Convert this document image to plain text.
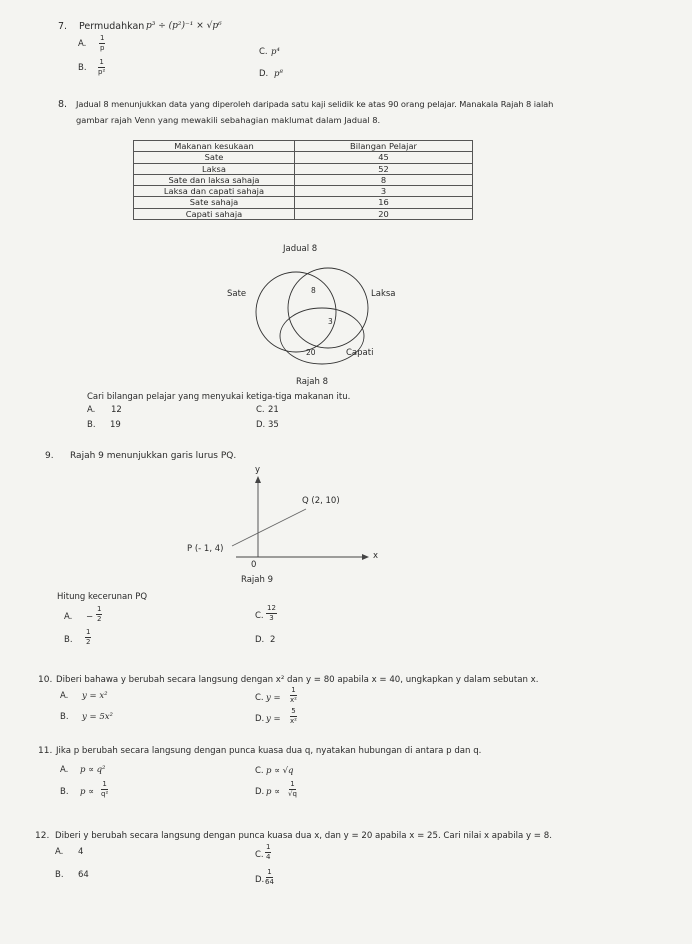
7. Permudahkan p³ ÷ (p²)⁻¹ × √p⁶
A. $\frac{1}{p}$
B. $\frac{1}{\text{p²}}$
C. p⁴
D. p⁸
8. Jadual 8 menunjukkan data yang diperoleh daripada satu kaji selidik ke atas 90 orang pelajar. Manakala Rajah 8 ialah
gambar rajah Venn yang mewakili sebahagian maklumat dalam Jadual 8.
Makanan kesukaan	Bilangan Pelajar
Sate	45
Laksa	52
Sate dan laksa sahaja	8
Laksa dan capati sahaja	3
Sate sahaja	16
Capati sahaja	20
Jadual 8
Sate	Laksa
Capati
8
3
20
Rajah 8
Cari bilangan pelajar yang menyukai ketiga-tiga makanan itu.
A. 12
B. 19
C. 21
D. 35
9. Rajah 9 menunjukkan garis lurus PQ.
y
x
0
Q (2, 10)
P (- 1, 4)
Rajah 9
Hitung kecerunan PQ
A. − $\frac{1}{2}$
B. $\frac{1}{2}$
C. $\frac{12}{3}$
D. 2
10. Diberi bahawa y berubah secara langsung dengan x² dan y = 80 apabila x = 40, ungkapkan y dalam sebutan x.
A. y = x²
B. y = 5x²
C. $y = \frac{1}{\text{x²}}$
D. $y = \frac{5}{\text{x²}}$
11. Jika p berubah secara langsung dengan punca kuasa dua q, nyatakan hubungan di antara p dan q.
A. p ∝ q²
B. $p \propto \frac{1}{\text{q²}}$
C. p ∝ √q
D. $p \propto \frac{1}{√q}$
12. Diberi y berubah secara langsung dengan punca kuasa dua x, dan y = 20 apabila x = 25. Cari nilai x apabila y = 8.
A. 4
B. 64
C. $\frac{1}{4}$
D. $\frac{1}{64}$
